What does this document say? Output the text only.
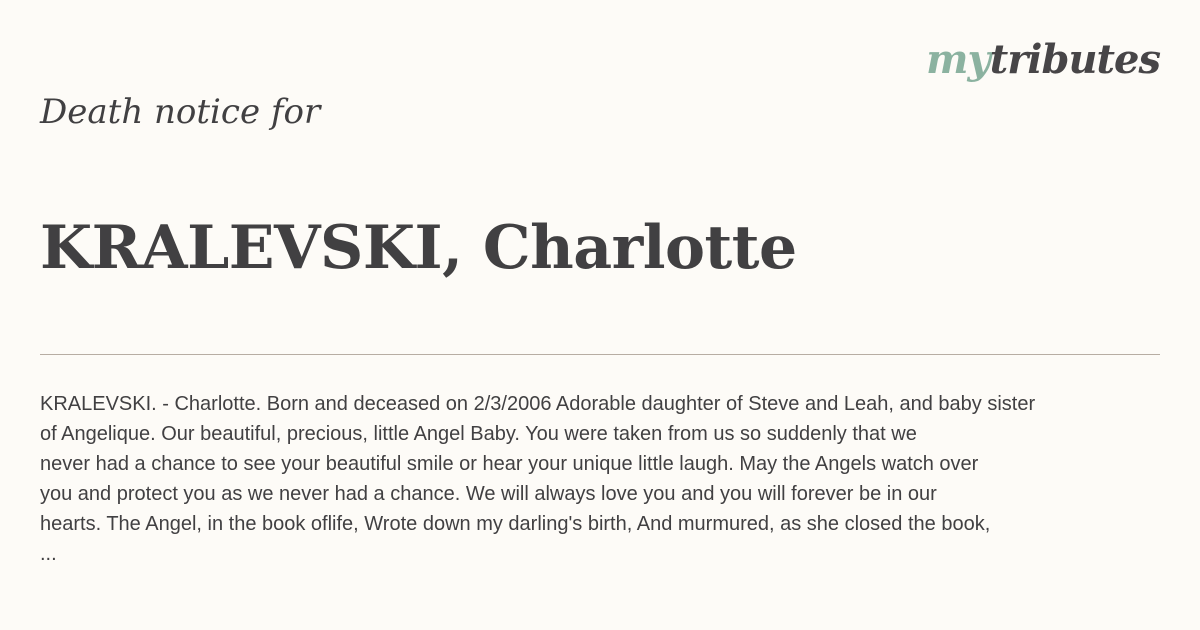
mytributes
Death notice for
KRALEVSKI, Charlotte
KRALEVSKI. - Charlotte. Born and deceased on 2/3/2006 Adorable daughter of Steve and Leah, and baby sister
of Angelique. Our beautiful, precious, little Angel Baby. You were taken from us so suddenly that we
never had a chance to see your beautiful smile or hear your unique little laugh. May the Angels watch over
you and protect you as we never had a chance. We will always love you and you will forever be in our
hearts. The Angel, in the book oflife, Wrote down my darling's birth, And murmured, as she closed the book,
...
